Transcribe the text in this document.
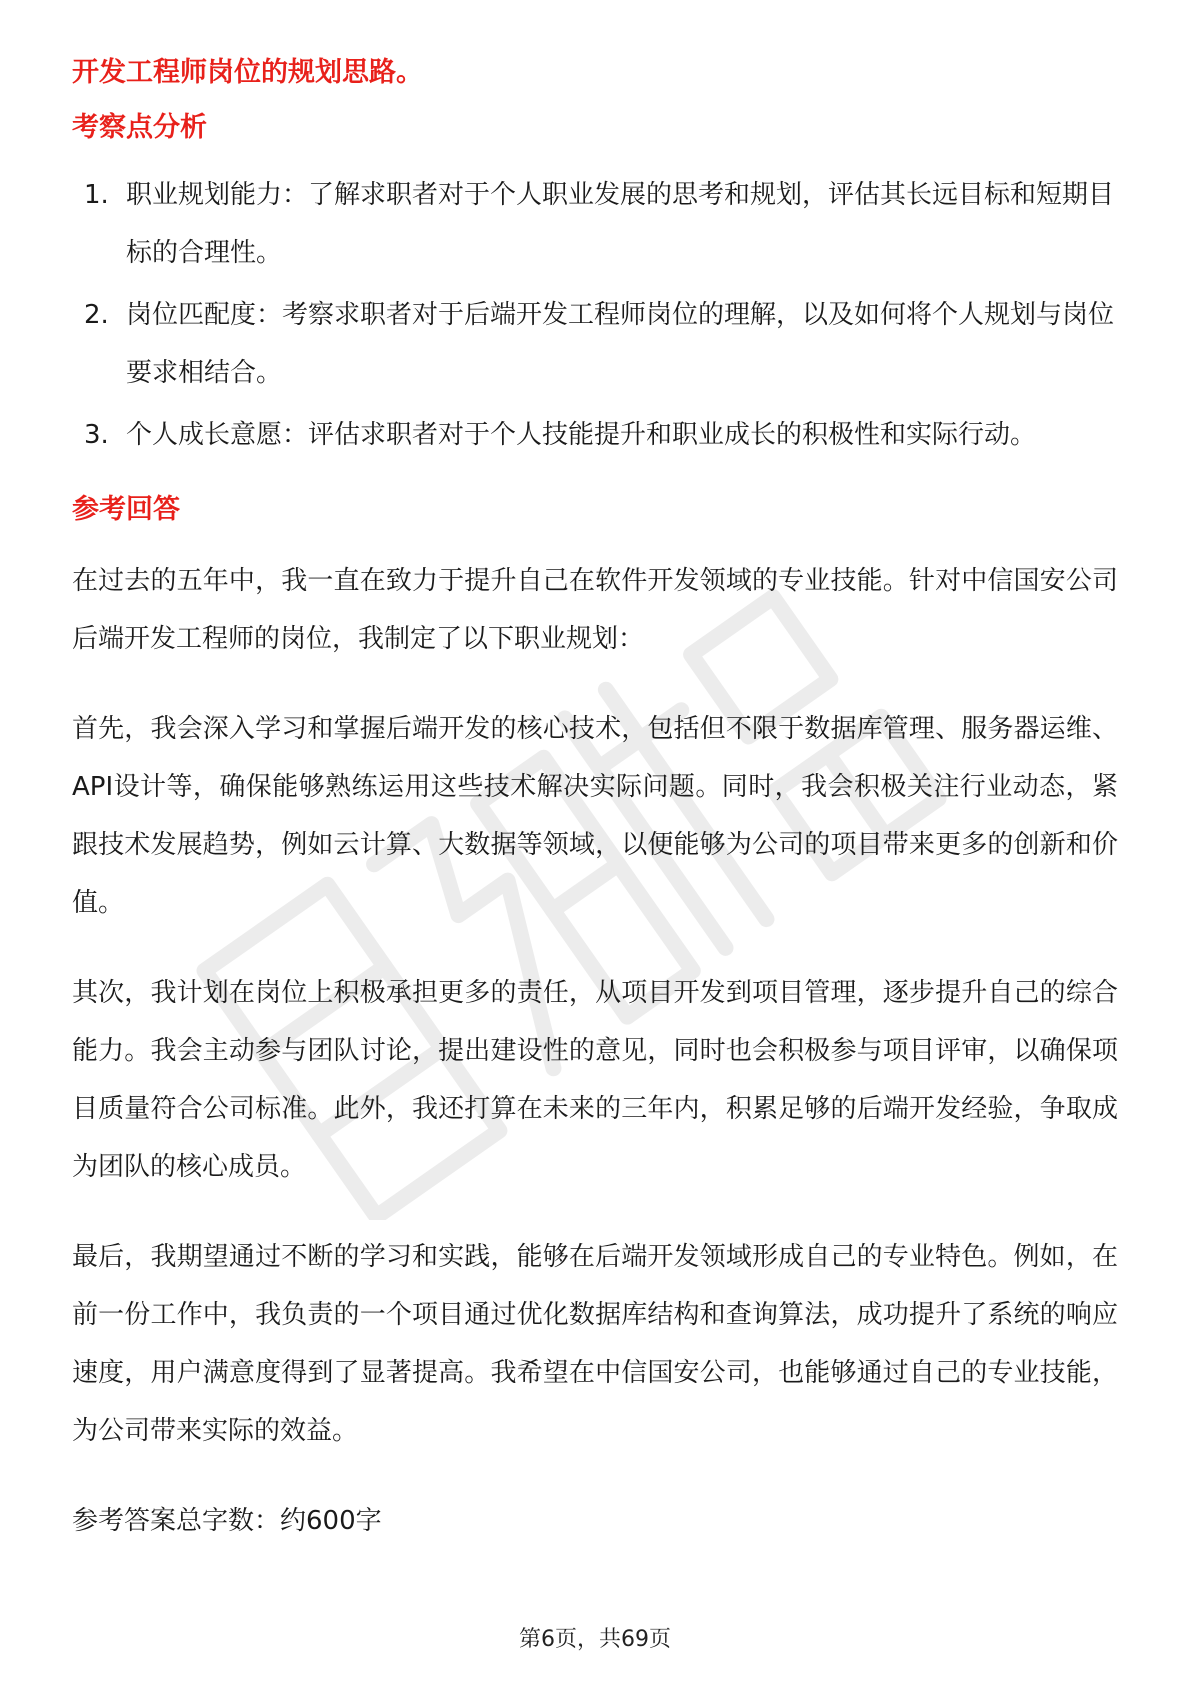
开发工程师岗位的规划思路。
考察点分析
1. 职业规划能力：了解求职者对于个人职业发展的思考和规划，评估其长远目标和短期目标的合理性。
2. 岗位匹配度：考察求职者对于后端开发工程师岗位的理解，以及如何将个人规划与岗位要求相结合。
3. 个人成长意愿：评估求职者对于个人技能提升和职业成长的积极性和实际行动。
参考回答

在过去的五年中，我一直在致力于提升自己在软件开发领域的专业技能。针对中信国安公司后端开发工程师的岗位，我制定了以下职业规划：

首先，我会深入学习和掌握后端开发的核心技术，包括但不限于数据库管理、服务器运维、API设计等，确保能够熟练运用这些技术解决实际问题。同时，我会积极关注行业动态，紧跟技术发展趋势，例如云计算、大数据等领域，以便能够为公司的项目带来更多的创新和价值。

其次，我计划在岗位上积极承担更多的责任，从项目开发到项目管理，逐步提升自己的综合能力。我会主动参与团队讨论，提出建设性的意见，同时也会积极参与项目评审，以确保项目质量符合公司标准。此外，我还打算在未来的三年内，积累足够的后端开发经验，争取成为团队的核心成员。

最后，我期望通过不断的学习和实践，能够在后端开发领域形成自己的专业特色。例如，在前一份工作中，我负责的一个项目通过优化数据库结构和查询算法，成功提升了系统的响应速度，用户满意度得到了显著提高。我希望在中信国安公司，也能够通过自己的专业技能，为公司带来实际的效益。

参考答案总字数：约600字

第6页，共69页
